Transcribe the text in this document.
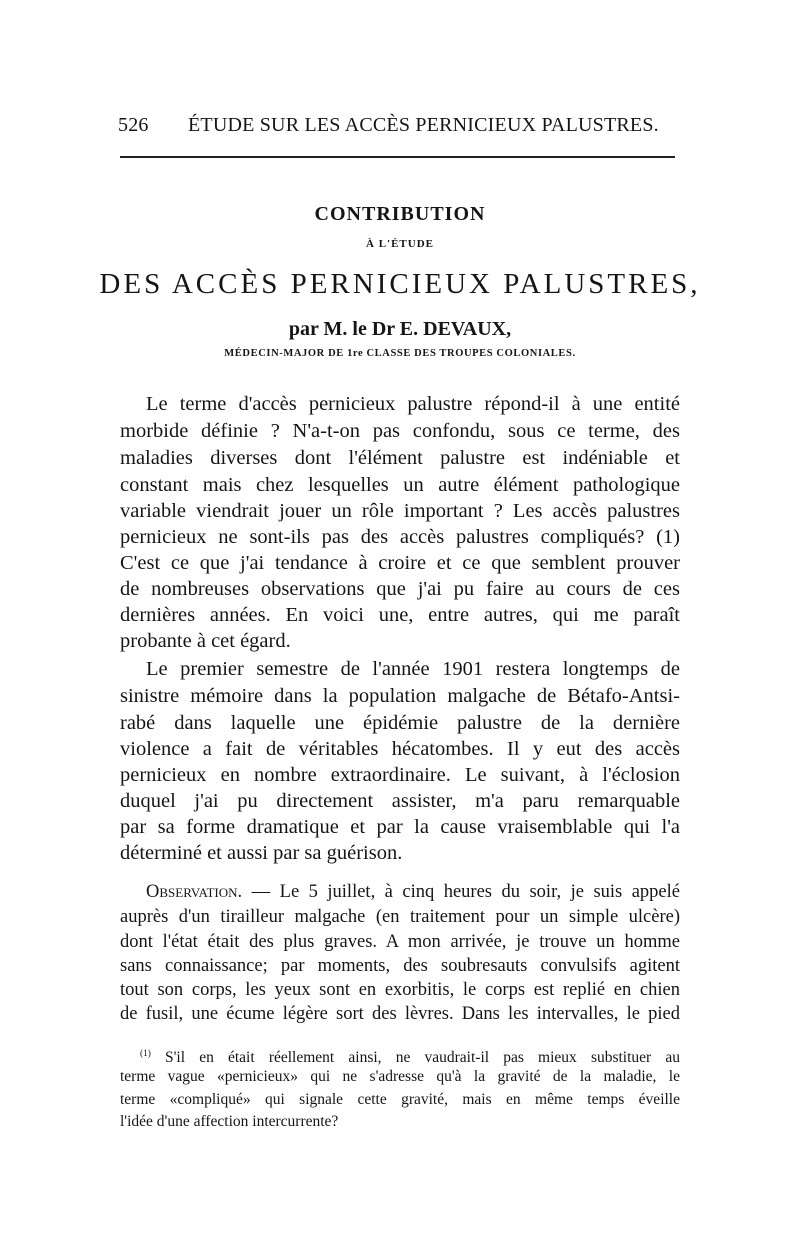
526 ÉTUDE SUR LES ACCÈS PERNICIEUX PALUSTRES.
CONTRIBUTION
À L'ÉTUDE
DES ACCÈS PERNICIEUX PALUSTRES,
par M. le Dr E. DEVAUX,
MÉDECIN-MAJOR DE 1re CLASSE DES TROUPES COLONIALES.
Le terme d'accès pernicieux palustre répond-il à une entité
morbide définie ? N'a-t-on pas confondu, sous ce terme, des
maladies diverses dont l'élément palustre est indéniable et
constant mais chez lesquelles un autre élément pathologique
variable viendrait jouer un rôle important ? Les accès palustres
pernicieux ne sont-ils pas des accès palustres compliqués? (1)
C'est ce que j'ai tendance à croire et ce que semblent prouver
de nombreuses observations que j'ai pu faire au cours de ces
dernières années. En voici une, entre autres, qui me paraît
probante à cet égard.
Le premier semestre de l'année 1901 restera longtemps de
sinistre mémoire dans la population malgache de Bétafo-Antsi-
rabé dans laquelle une épidémie palustre de la dernière
violence a fait de véritables hécatombes. Il y eut des accès
pernicieux en nombre extraordinaire. Le suivant, à l'éclosion
duquel j'ai pu directement assister, m'a paru remarquable
par sa forme dramatique et par la cause vraisemblable qui l'a
déterminé et aussi par sa guérison.
Observation. — Le 5 juillet, à cinq heures du soir, je suis appelé
auprès d'un tirailleur malgache (en traitement pour un simple ulcère)
dont l'état était des plus graves. A mon arrivée, je trouve un homme
sans connaissance; par moments, des soubresauts convulsifs agitent
tout son corps, les yeux sont en exorbitis, le corps est replié en chien
de fusil, une écume légère sort des lèvres. Dans les intervalles, le pied
$^{(1)}$ S'il en était réellement ainsi, ne vaudrait-il pas mieux substituer au
terme vague «pernicieux» qui ne s'adresse qu'à la gravité de la maladie, le
terme «compliqué» qui signale cette gravité, mais en même temps éveille
l'idée d'une affection intercurrente?
